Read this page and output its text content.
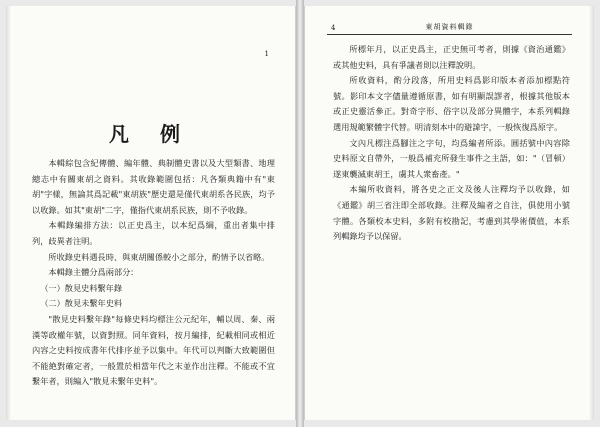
1
凡 例

本輯綜包含紀傳體、編年體、典制體史書以及大型類書、地理總志中有關東胡之資料。其收錄範圍包括：凡各類典籍中有"東胡"字樣，無論其爲記載"東胡族"歷史還是僅代東胡系各民族，均予以收錄。如其"東胡"二字，僅指代東胡系民族，則不予收錄。

本輯錄編排方法：以正史爲主，以本紀爲綱，重出者集中排列，歧異者注明。

所收錄史料遇長時、與東胡關係較小之部分，酌情予以省略。

本輯錄主體分爲兩部分：

（一）散見史料繫年錄

（二）散見未繫年史料

"散見史料繫年錄"每條史料均標注公元紀年，輔以周、秦、兩漢等政權年號，以資對照。同年資料，按月編排，紀載相同或相近內容之史料按成書年代排序並予以集中。年代可以判斷大致範圍但不能絶對確定者，一般置於相當年代之末並作出注釋。不能或不宜繫年者，則編入"散見未繫年史料"。

4	東胡資料輯錄

所標年月，以正史爲主，正史無可考者，則據《資治通鑑》或其他史料，具有爭議者則以注釋說明。

所收資料，酌分段落，所用史料爲影印版本者添加標點符號。影印本文字儘量遵循原書，如有明顯誤謬者，根據其他版本或正史靈活參正。對奇字形、俗字以及部分異體字，本系列輯錄選用規範繁體字代替。明清刻本中的避諱字，一般恢復爲原字。

文內凡標注爲腳注之字句，均爲編者所添。圓括號中內容除史料原文自帶外，一般爲補充所發生事件之主語，如："（冒頓）遂東襲滅東胡王，虜其人衆畜產。"

本編所收資料，將各史之正文及後人注釋均予以收錄，如《通鑑》胡三省注即全部收錄。注釋及編者之自注，俱使用小號字體。各類校本史料，多附有校勘記，考慮到其學術價值，本系列輯錄均予以保留。
